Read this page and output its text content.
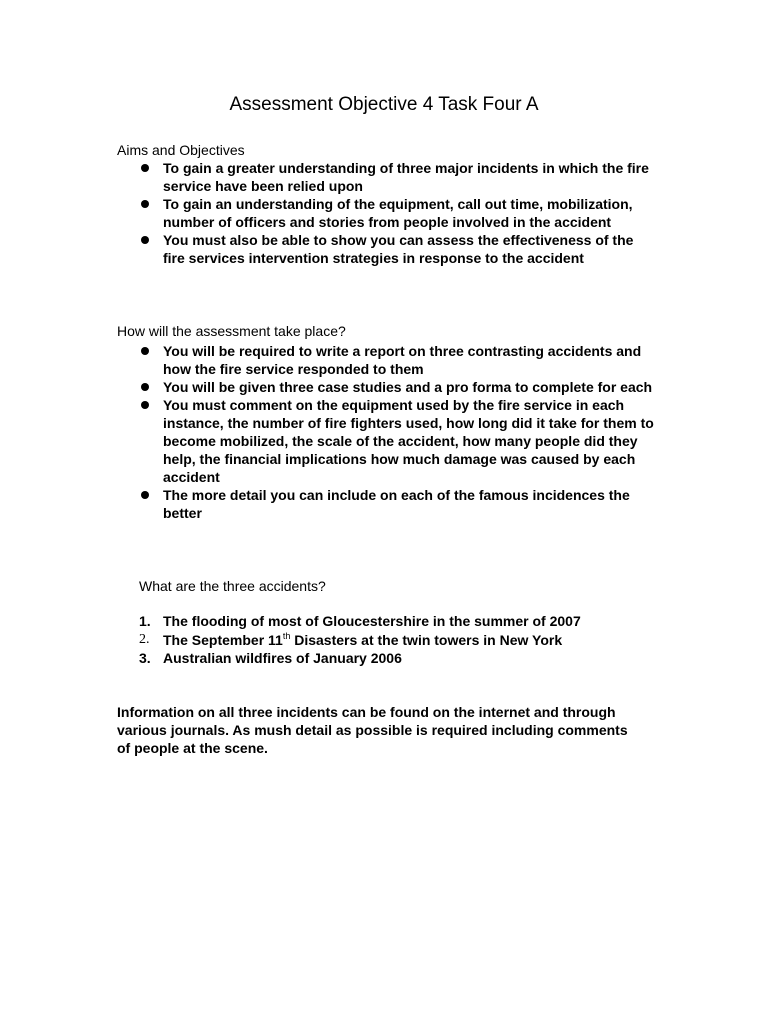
Assessment Objective 4 Task Four A

Aims and Objectives

To gain a greater understanding of three major incidents in which the fire service have been relied upon
To gain an understanding of the equipment, call out time, mobilization, number of officers and stories from people involved in the accident
You must also be able to show you can assess the effectiveness of the fire services intervention strategies in response to the accident

How will the assessment take place?

You will be required to write a report on three contrasting accidents and how the fire service responded to them
You will be given three case studies and a pro forma to complete for each
You must comment on the equipment used by the fire service in each instance, the number of fire fighters used, how long did it take for them to become mobilized, the scale of the accident, how many people did they help, the financial implications how much damage was caused by each accident
The more detail you can include on each of the famous incidences the better

What are the three accidents?

1. The flooding of most of Gloucestershire in the summer of 2007
2. The September 11th Disasters at the twin towers in New York
3. Australian wildfires of January 2006

Information on all three incidents can be found on the internet and through various journals. As mush detail as possible is required including comments of people at the scene.
